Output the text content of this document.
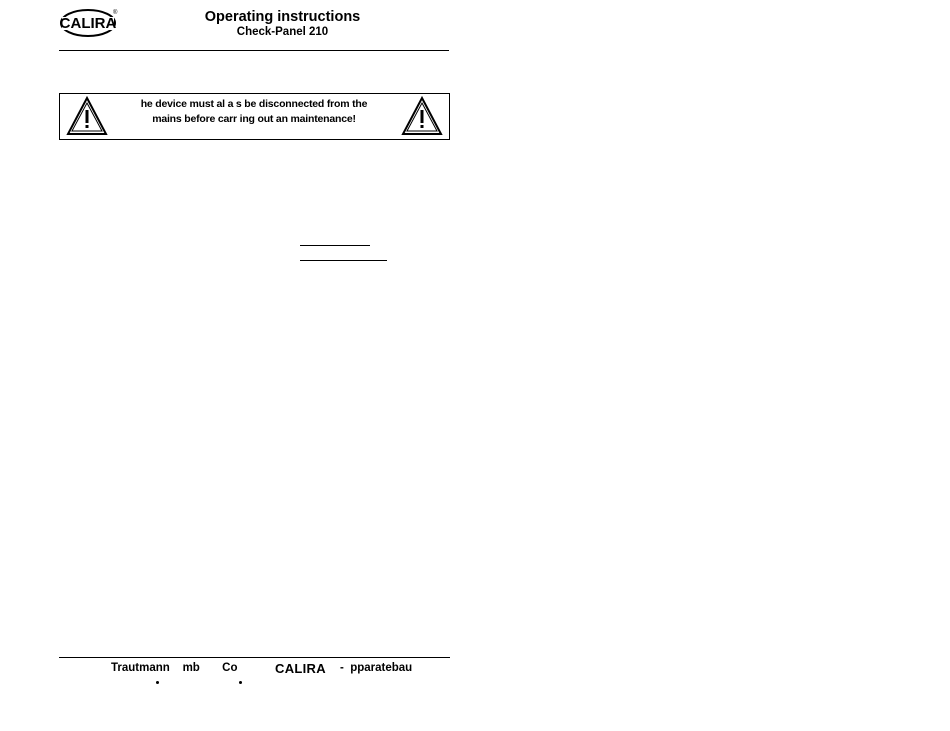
CALIRA
®	Operating instructions
Check-Panel 210
he device must al a s be disconnected from the
mains before carr ing out an maintenance!
Trautmann    mb       Co	CALIRA -  pparatebau
